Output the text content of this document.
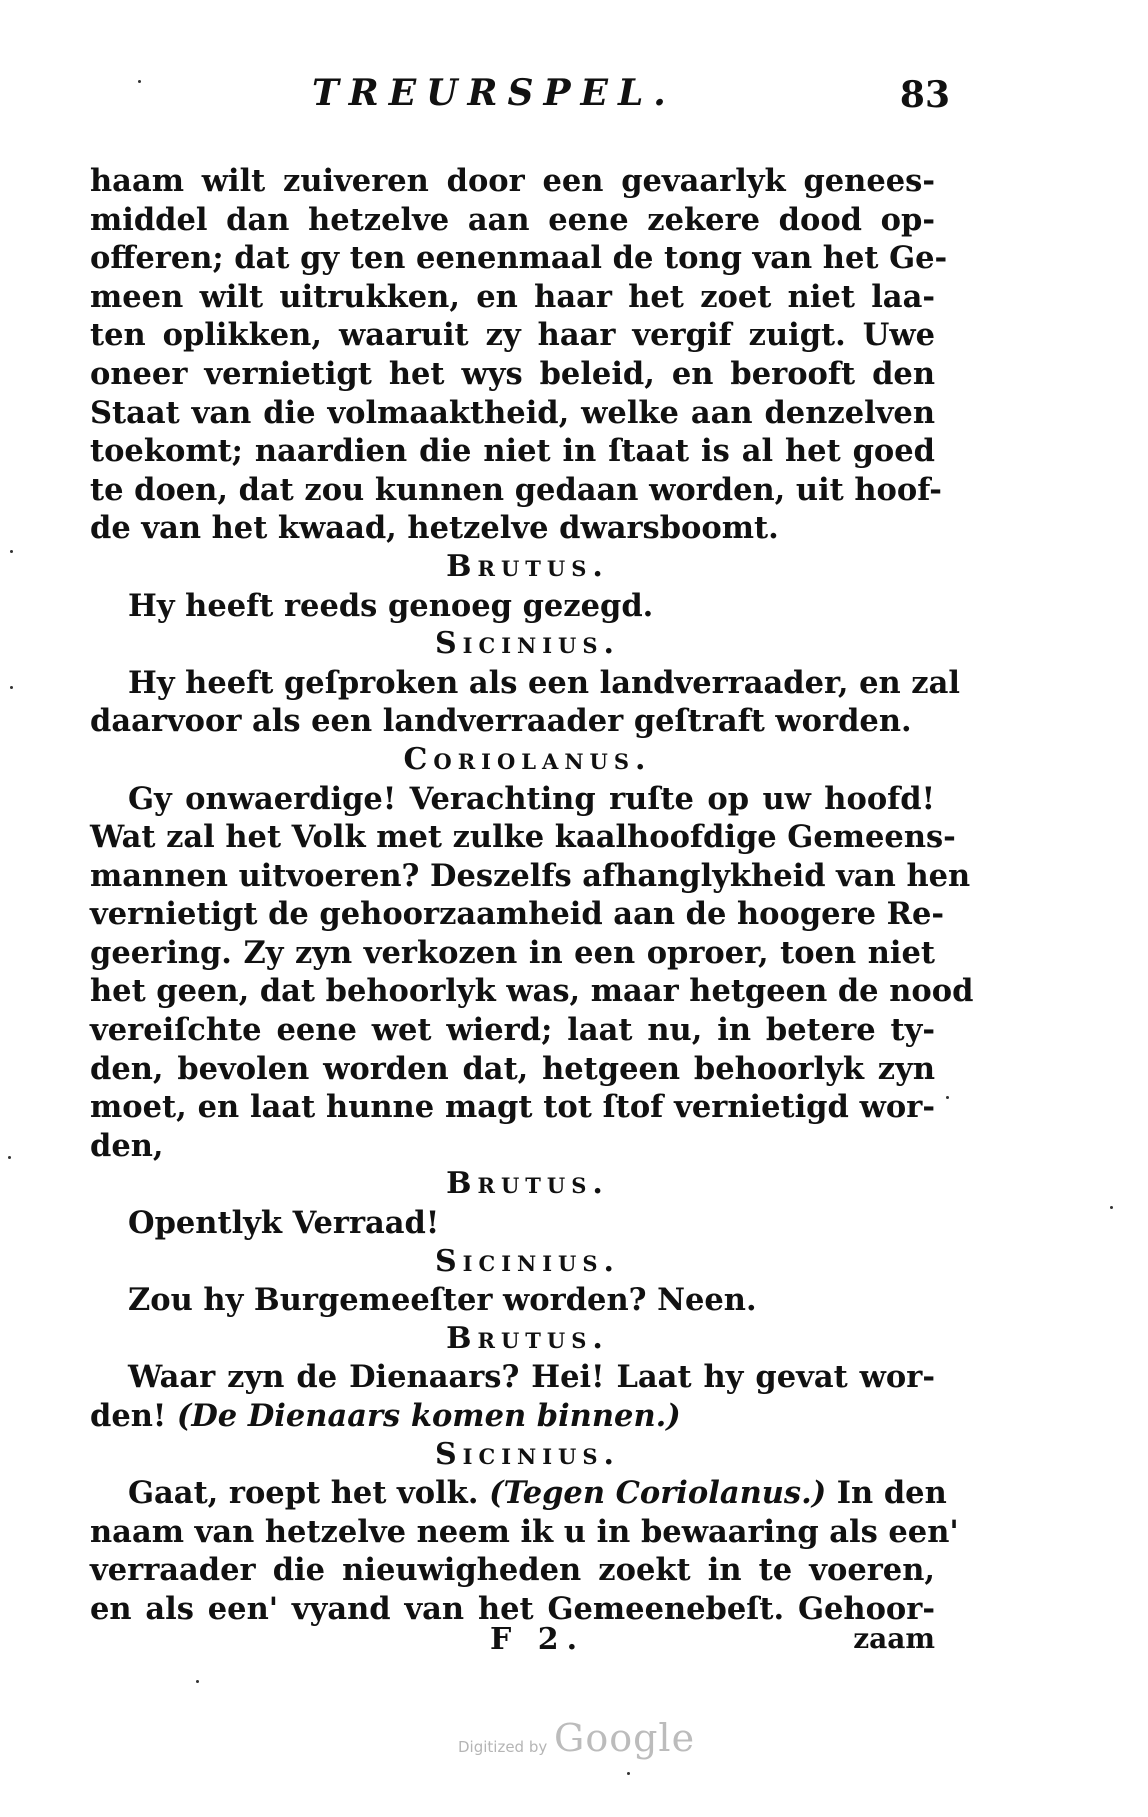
TREURSPEL.	83
haam wilt zuiveren door een gevaarlyk genees-
middel dan hetzelve aan eene zekere dood op-
offeren; dat gy ten eenenmaal de tong van het Ge-
meen wilt uitrukken, en haar het zoet niet laa-
ten oplikken, waaruit zy haar vergif zuigt. Uwe
oneer vernietigt het wys beleid, en berooft den
Staat van die volmaaktheid, welke aan denzelven
toekomt; naardien die niet in ſtaat is al het goed
te doen, dat zou kunnen gedaan worden, uit hoof-
de van het kwaad, hetzelve dwarsboomt.
Brutus.
Hy heeft reeds genoeg gezegd.
Sicinius.
Hy heeft geſproken als een landverraader, en zal
daarvoor als een landverraader geſtraft worden.
Coriolanus.
Gy onwaerdige! Verachting ruſte op uw hoofd!
Wat zal het Volk met zulke kaalhoofdige Gemeens-
mannen uitvoeren? Deszelfs afhanglykheid van hen
vernietigt de gehoorzaamheid aan de hoogere Re-
geering. Zy zyn verkozen in een oproer, toen niet
het geen, dat behoorlyk was, maar hetgeen de nood
vereiſchte eene wet wierd; laat nu, in betere ty-
den, bevolen worden dat, hetgeen behoorlyk zyn
moet, en laat hunne magt tot ſtof vernietigd wor-
den,
Brutus.
Opentlyk Verraad!
Sicinius.
Zou hy Burgemeeſter worden? Neen.
Brutus.
Waar zyn de Dienaars? Hei! Laat hy gevat wor-
den! (De Dienaars komen binnen.)
Sicinius.
Gaat, roept het volk. (Tegen Coriolanus.) In den
naam van hetzelve neem ik u in bewaaring als een'
verraader die nieuwigheden zoekt in te voeren,
en als een' vyand van het Gemeenebeſt. Gehoor-
F 2.	zaam
Digitized by Google
